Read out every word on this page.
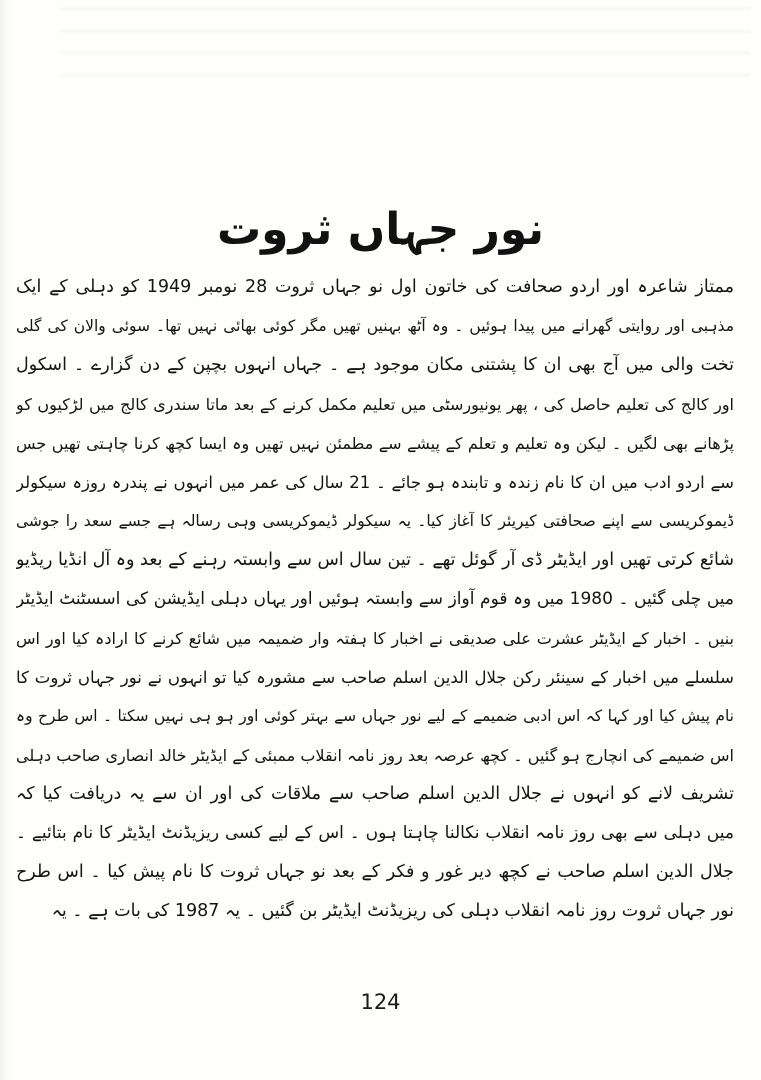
نور جہاں ثروت
ممتاز شاعرہ اور اردو صحافت کی خاتون اول نو جہاں ثروت 28 نومبر 1949 کو دہلی کے ایک
مذہبی اور روایتی گھرانے میں پیدا ہوئیں ۔ وہ آٹھ بہنیں تھیں مگر کوئی بھائی نہیں تھا۔ سوئی والان کی گلی
تخت والی میں آج بھی ان کا پشتنی مکان موجود ہے ۔ جہاں انہوں بچپن کے دن گزارے ۔ اسکول
اور کالج کی تعلیم حاصل کی ، پھر یونیورسٹی میں تعلیم مکمل کرنے کے بعد ماتا سندری کالج میں لڑکیوں کو
پڑھانے بھی لگیں ۔ لیکن وہ تعلیم و تعلم کے پیشے سے مطمئن نہیں تھیں وہ ایسا کچھ کرنا چاہتی تھیں جس
سے اردو ادب میں ان کا نام زندہ و تابندہ ہو جائے ۔ 21 سال کی عمر میں انہوں نے پندرہ روزہ سیکولر
ڈیموکریسی سے اپنے صحافتی کیریئر کا آغاز کیا۔ یہ سیکولر ڈیموکریسی وہی رسالہ ہے جسے سعد را جوشی
شائع کرتی تھیں اور ایڈیٹر ڈی آر گوئل تھے ۔ تین سال اس سے وابستہ رہنے کے بعد وہ آل انڈیا ریڈیو
میں چلی گئیں ۔ 1980 میں وہ قوم آواز سے وابستہ ہوئیں اور یہاں دہلی ایڈیشن کی اسسٹنٹ ایڈیٹر
بنیں ۔ اخبار کے ایڈیٹر عشرت علی صدیقی نے اخبار کا ہفتہ وار ضمیمہ میں شائع کرنے کا ارادہ کیا اور اس
سلسلے میں اخبار کے سینئر رکن جلال الدین اسلم صاحب سے مشورہ کیا تو انہوں نے نور جہاں ثروت کا
نام پیش کیا اور کہا کہ اس ادبی ضمیمے کے لیے نور جہاں سے بہتر کوئی اور ہو ہی نہیں سکتا ۔ اس طرح وہ
اس ضمیمے کی انچارج ہو گئیں ۔ کچھ عرصہ بعد روز نامہ انقلاب ممبئی کے ایڈیٹر خالد انصاری صاحب دہلی
تشریف لانے کو انہوں نے جلال الدین اسلم صاحب سے ملاقات کی اور ان سے یہ دریافت کیا کہ
میں دہلی سے بھی روز نامہ انقلاب نکالنا چاہتا ہوں ۔ اس کے لیے کسی ریزیڈنٹ ایڈیٹر کا نام بتائیے ۔
جلال الدین اسلم صاحب نے کچھ دیر غور و فکر کے بعد نو جہاں ثروت کا نام پیش کیا ۔ اس طرح
نور جہاں ثروت روز نامہ انقلاب دہلی کی ریزیڈنٹ ایڈیٹر بن گئیں ۔ یہ 1987 کی بات ہے ۔ یہ
124
